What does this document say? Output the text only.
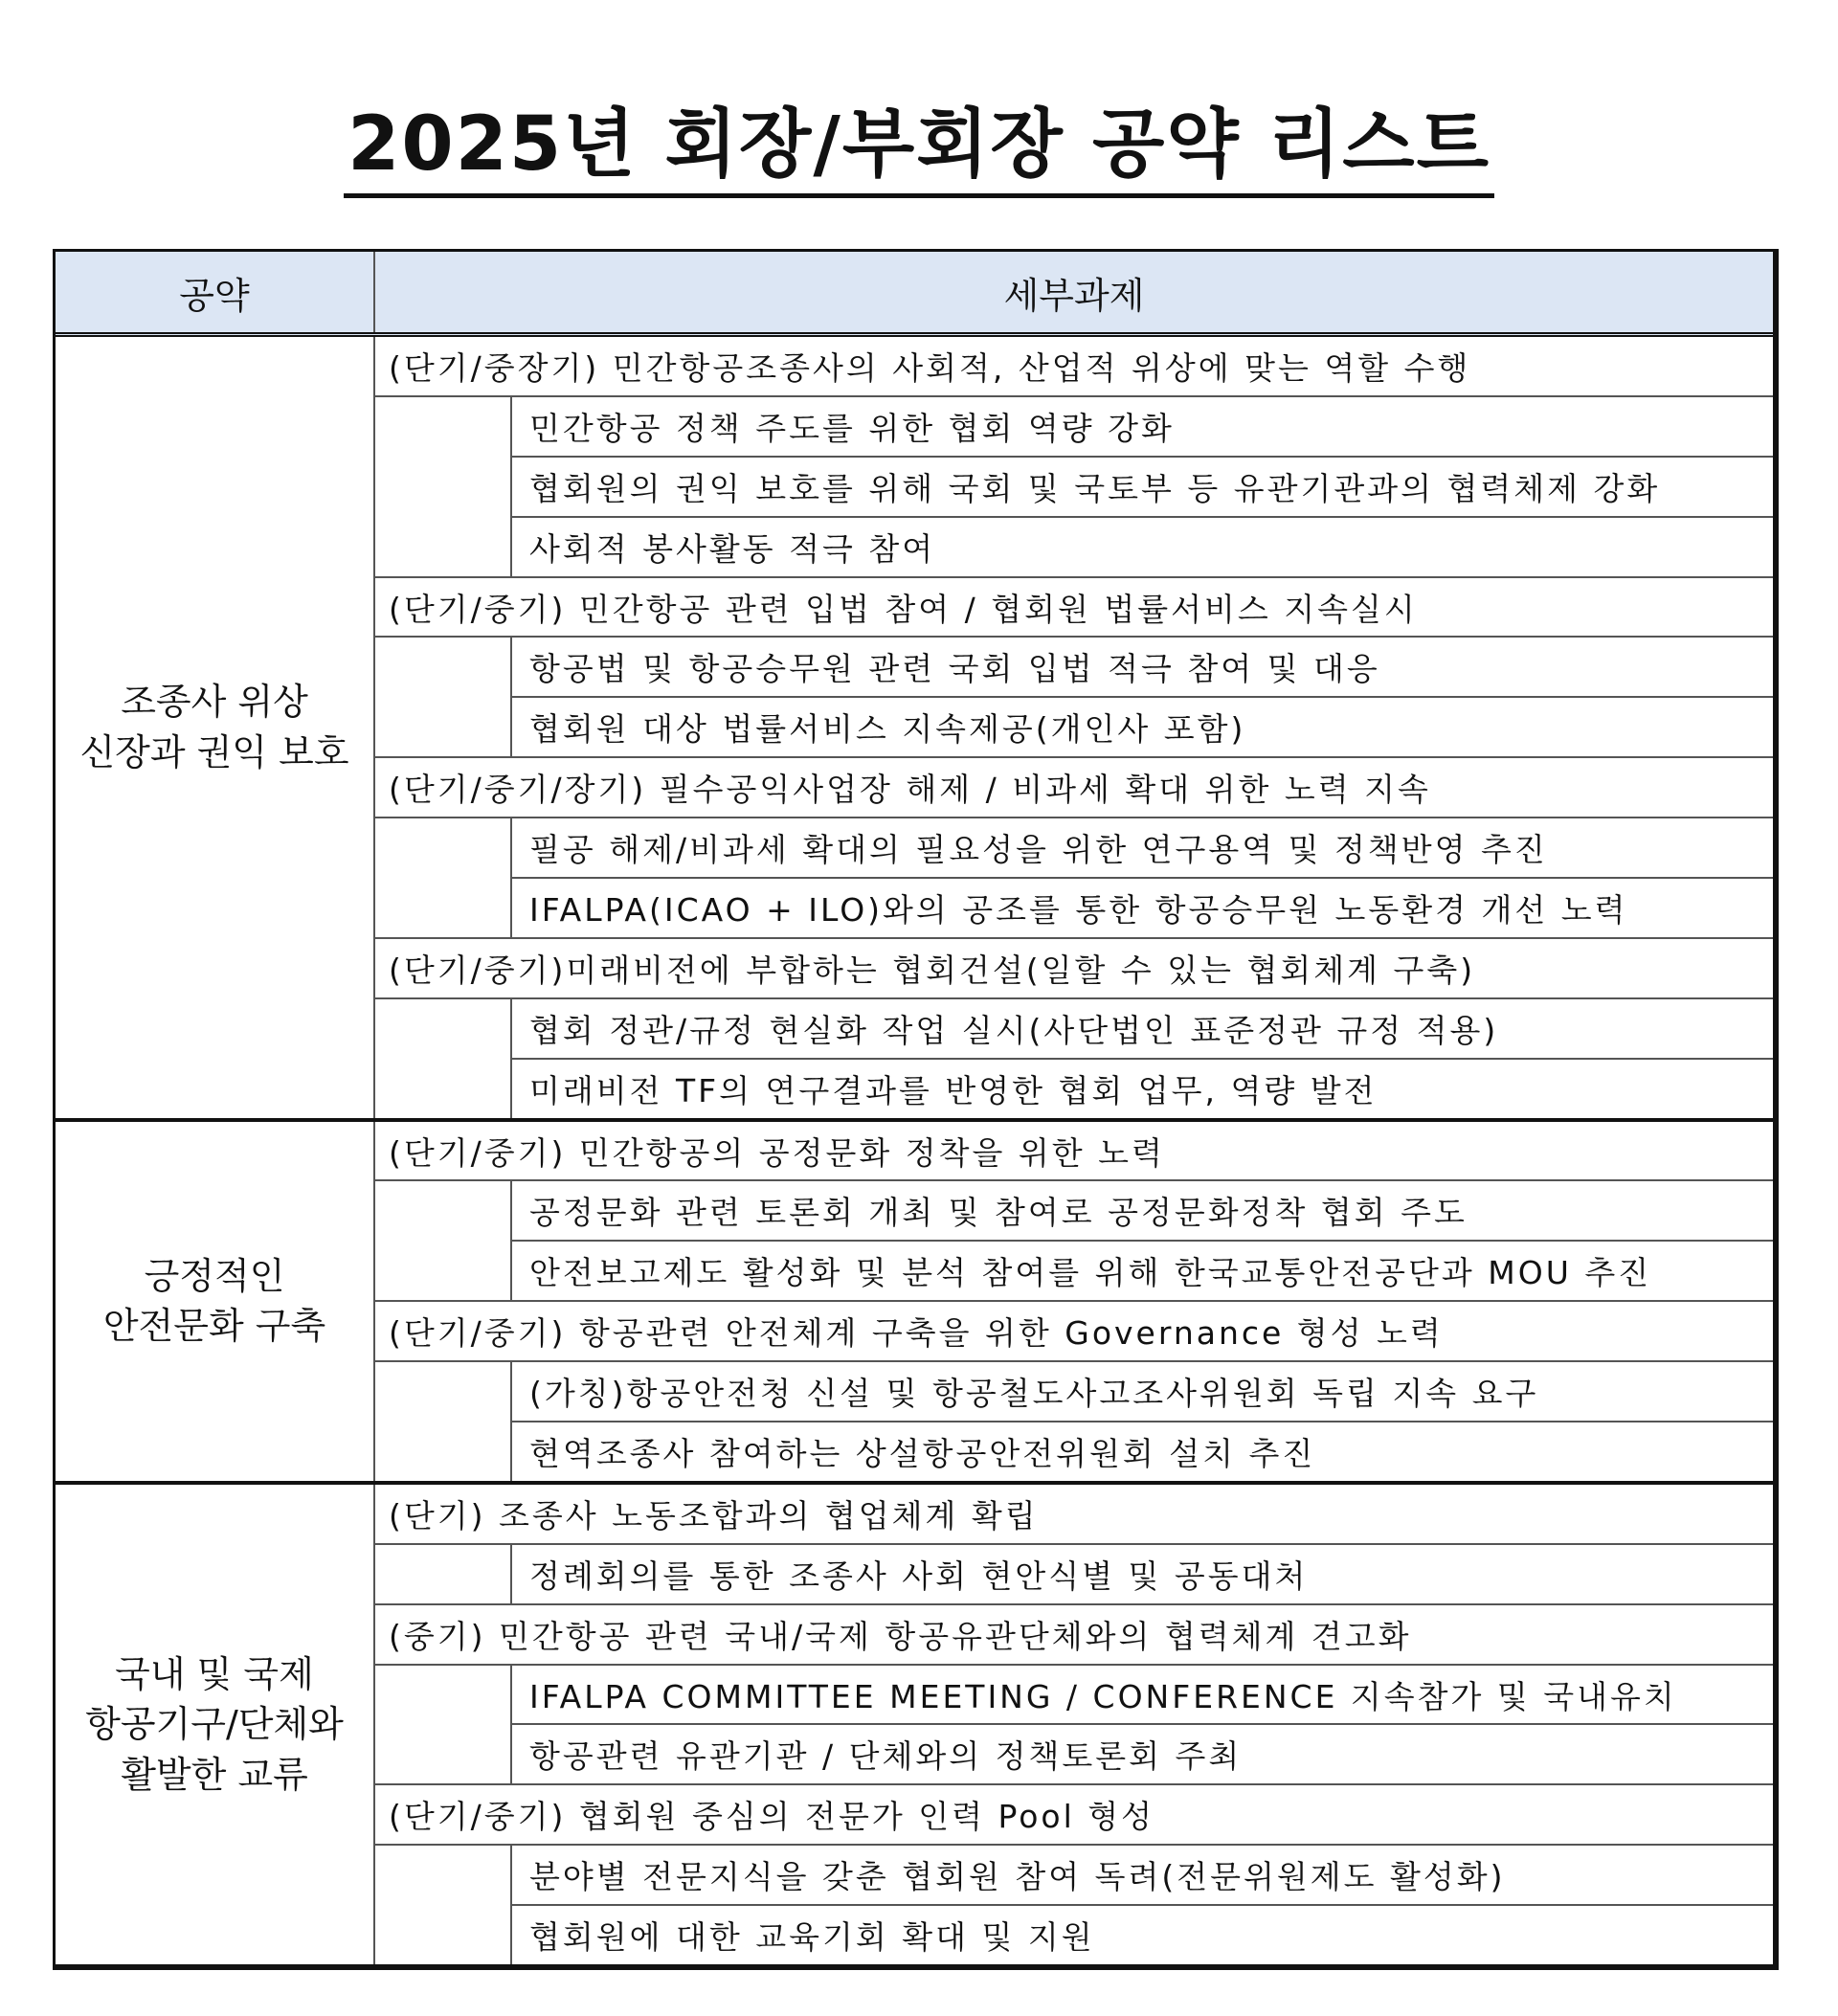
2025년 회장/부회장 공약 리스트
공약	세부과제	

조종사 위상
신장과 권익 보호	(단기/중장기) 민간항공조종사의 사회적, 산업적 위상에 맞는 역할 수행	
		민간항공 정책 주도를 위한 협회 역량 강화
		협회원의 권익 보호를 위해 국회 및 국토부 등 유관기관과의 협력체제 강화
		사회적 봉사활동 적극 참여
	(단기/중기) 민간항공 관련 입법 참여 / 협회원 법률서비스 지속실시	
		항공법 및 항공승무원 관련 국회 입법 적극 참여 및 대응
		협회원 대상 법률서비스 지속제공(개인사 포함)
	(단기/중기/장기) 필수공익사업장 해제 / 비과세 확대 위한 노력 지속	
		필공 해제/비과세 확대의 필요성을 위한 연구용역 및 정책반영 추진
		IFALPA(ICAO + ILO)와의 공조를 통한 항공승무원 노동환경 개선 노력
	(단기/중기)미래비전에 부합하는 협회건설(일할 수 있는 협회체계 구축)	
		협회 정관/규정 현실화 작업 실시(사단법인 표준정관 규정 적용)
		미래비전 TF의 연구결과를 반영한 협회 업무, 역량 발전

긍정적인
안전문화 구축	(단기/중기) 민간항공의 공정문화 정착을 위한 노력	
		공정문화 관련 토론회 개최 및 참여로 공정문화정착 협회 주도
		안전보고제도 활성화 및 분석 참여를 위해 한국교통안전공단과 MOU 추진
	(단기/중기) 항공관련 안전체계 구축을 위한 Governance 형성 노력	
		(가칭)항공안전청 신설 및 항공철도사고조사위원회 독립 지속 요구
		현역조종사 참여하는 상설항공안전위원회 설치 추진

국내 및 국제
항공기구/단체와
활발한 교류	(단기) 조종사 노동조합과의 협업체계 확립	
		정례회의를 통한 조종사 사회 현안식별 및 공동대처
	(중기) 민간항공 관련 국내/국제 항공유관단체와의 협력체계 견고화	
		IFALPA COMMITTEE MEETING / CONFERENCE 지속참가 및 국내유치
		항공관련 유관기관 / 단체와의 정책토론회 주최
	(단기/중기) 협회원 중심의 전문가 인력 Pool 형성	
		분야별 전문지식을 갖춘 협회원 참여 독려(전문위원제도 활성화)
		협회원에 대한 교육기회 확대 및 지원
